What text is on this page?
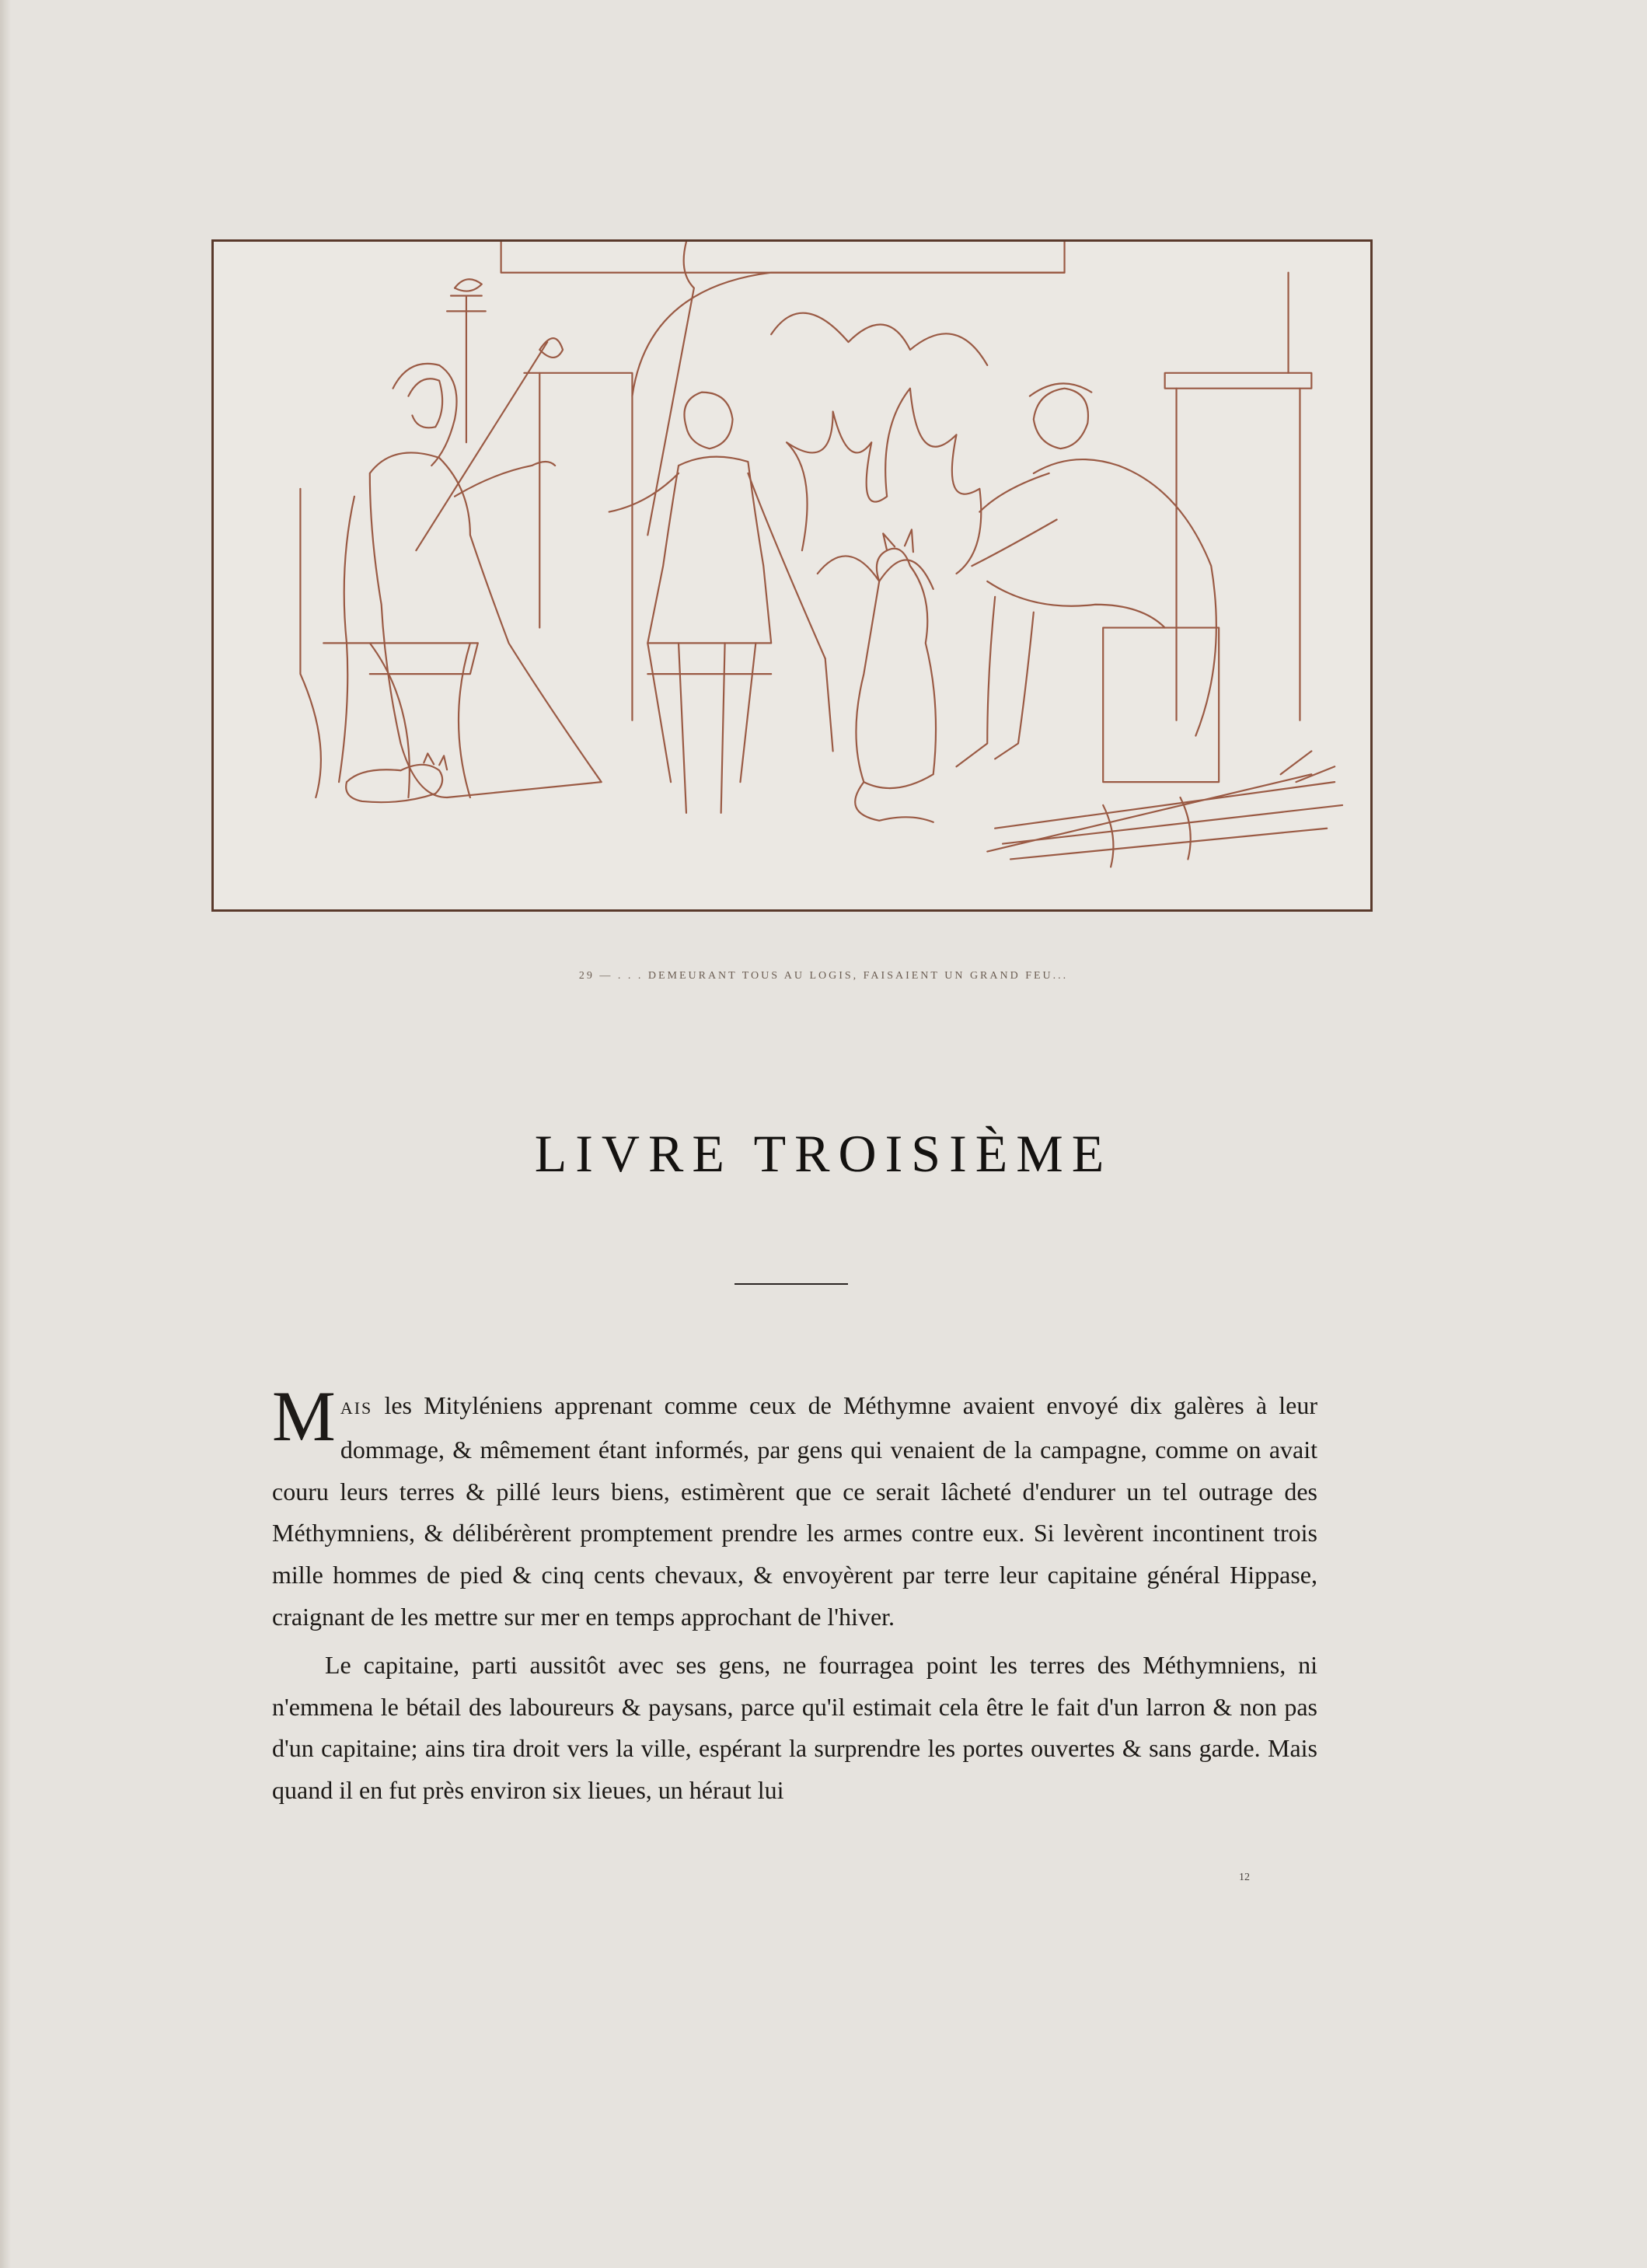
29 — . . . DEMEURANT TOUS AU LOGIS, FAISAIENT UN GRAND FEU...
LIVRE TROISIÈME

MAIS les Mityléniens apprenant comme ceux de Méthymne avaient envoyé dix galères à leur dommage, & mêmement étant informés, par gens qui venaient de la campagne, comme on avait couru leurs terres & pillé leurs biens, estimèrent que ce serait lâcheté d'endurer un tel outrage des Méthymniens, & délibérèrent promptement prendre les armes contre eux. Si levèrent incontinent trois mille hommes de pied & cinq cents chevaux, & envoyèrent par terre leur capitaine général Hippase, craignant de les mettre sur mer en temps approchant de l'hiver.

Le capitaine, parti aussitôt avec ses gens, ne fourragea point les terres des Méthymniens, ni n'emmena le bétail des laboureurs & paysans, parce qu'il estimait cela être le fait d'un larron & non pas d'un capitaine; ains tira droit vers la ville, espérant la surprendre les portes ouvertes & sans garde. Mais quand il en fut près environ six lieues, un héraut lui

12
